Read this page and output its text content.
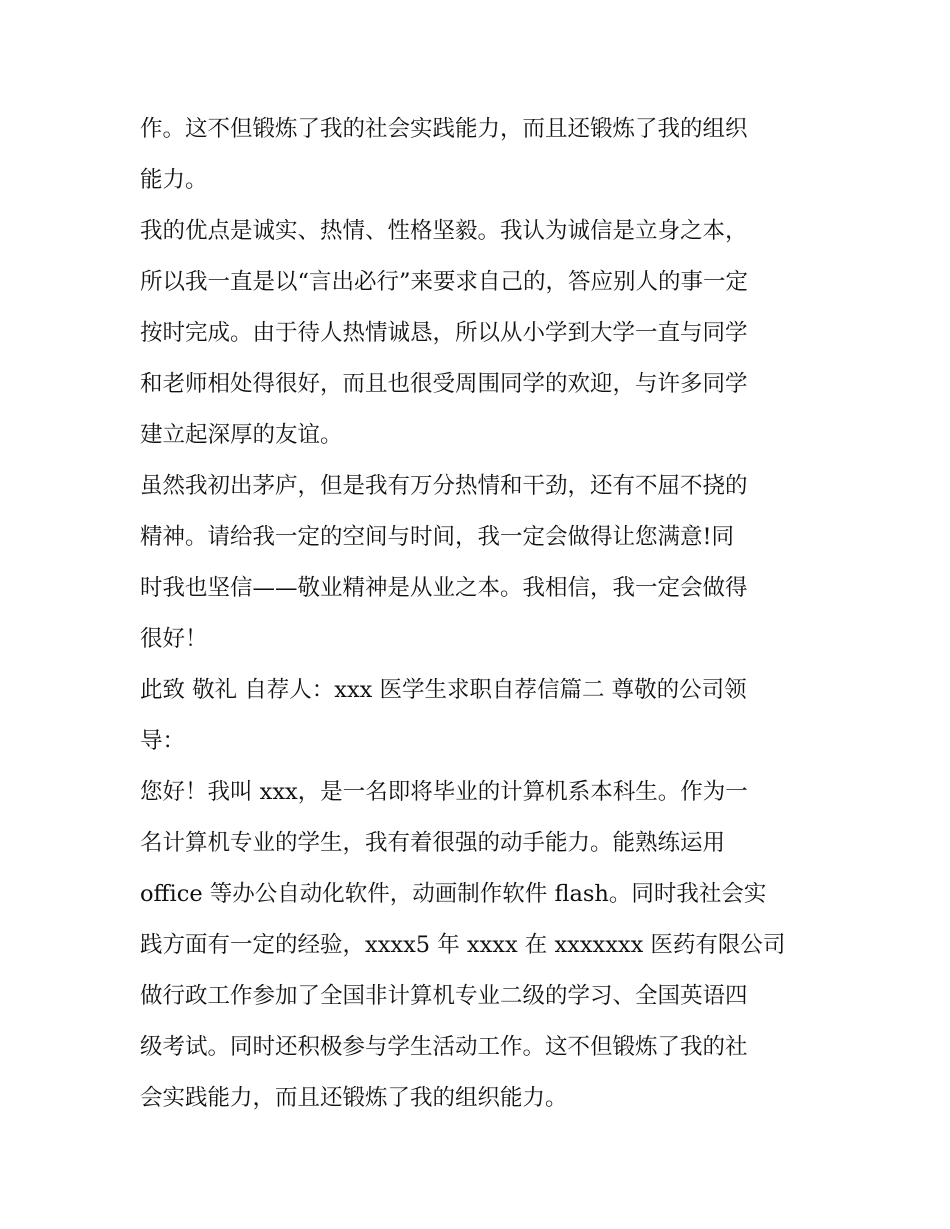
作。这不但锻炼了我的社会实践能力，而且还锻炼了我的组织
能力。

我的优点是诚实、热情、性格坚毅。我认为诚信是立身之本，
所以我一直是以“言出必行”来要求自己的，答应别人的事一定
按时完成。由于待人热情诚恳，所以从小学到大学一直与同学
和老师相处得很好，而且也很受周围同学的欢迎，与许多同学
建立起深厚的友谊。

虽然我初出茅庐，但是我有万分热情和干劲，还有不屈不挠的
精神。请给我一定的空间与时间，我一定会做得让您满意!同
时我也坚信——敬业精神是从业之本。我相信，我一定会做得
很好！

此致 敬礼 自荐人：xxx 医学生求职自荐信篇二 尊敬的公司领
导：

您好！我叫 xxx，是一名即将毕业的计算机系本科生。作为一
名计算机专业的学生，我有着很强的动手能力。能熟练运用
office 等办公自动化软件，动画制作软件 flash。同时我社会实
践方面有一定的经验，xxxx5 年 xxxx 在 xxxxxxx 医药有限公司
做行政工作参加了全国非计算机专业二级的学习、全国英语四
级考试。同时还积极参与学生活动工作。这不但锻炼了我的社
会实践能力，而且还锻炼了我的组织能力。
